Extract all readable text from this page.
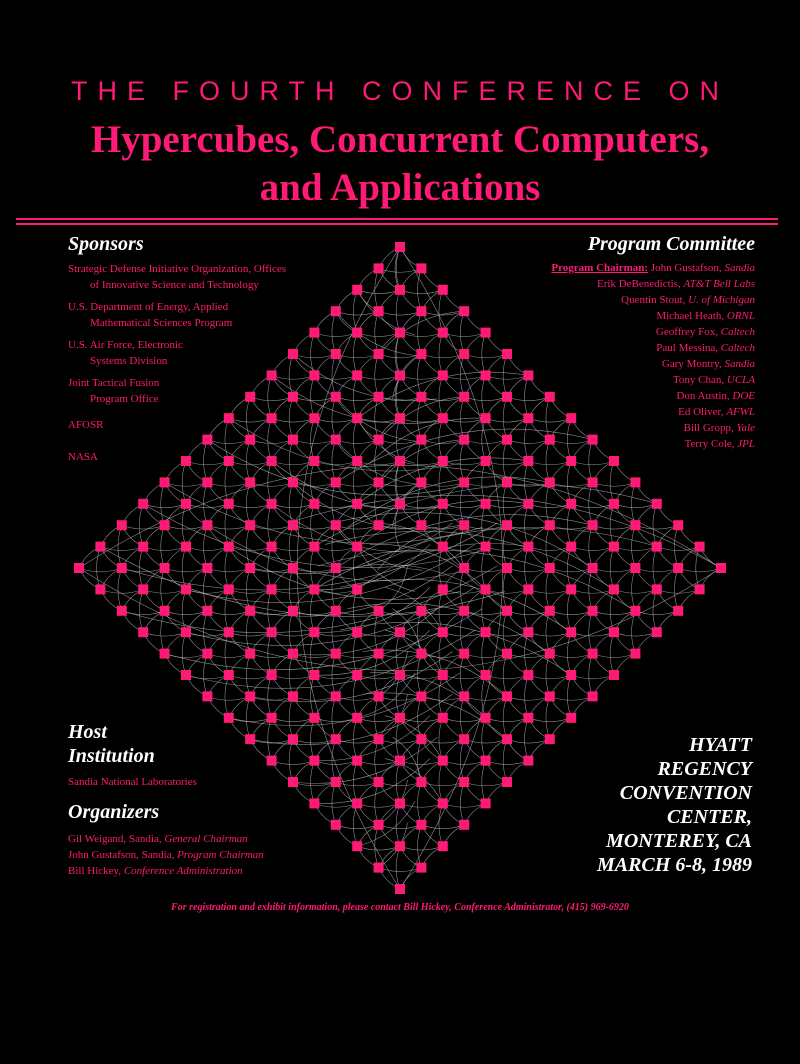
THE FOURTH CONFERENCE ON
Hypercubes, Concurrent Computers,
and Applications
Sponsors
Strategic Defense Initiative Organization, Offices
of Innovative Science and Technology
U.S. Department of Energy, Applied
Mathematical Sciences Program
U.S. Air Force, Electronic
Systems Division
Joint Tactical Fusion
Program Office
AFOSR
NASA
Program Committee
Program Chairman: John Gustafson, Sandia
Erik DeBenedictis, AT&T Bell Labs
Quentin Stout, U. of Michigan
Michael Heath, ORNL
Geoffrey Fox, Caltech
Paul Messina, Caltech
Gary Montry, Sandia
Tony Chan, UCLA
Don Austin, DOE
Ed Oliver, AFWL
Bill Gropp, Yale
Terry Cole, JPL
Host
Institution
Sandia National Laboratories
Organizers
Gil Weigand, Sandia, General Chairman
John Gustafson, Sandia, Program Chairman
Bill Hickey, Conference Administration
HYATT
REGENCY
CONVENTION
CENTER,
MONTEREY, CA
MARCH 6-8, 1989
For registration and exhibit information, please contact Bill Hickey, Conference Administrator, (415) 969-6920
